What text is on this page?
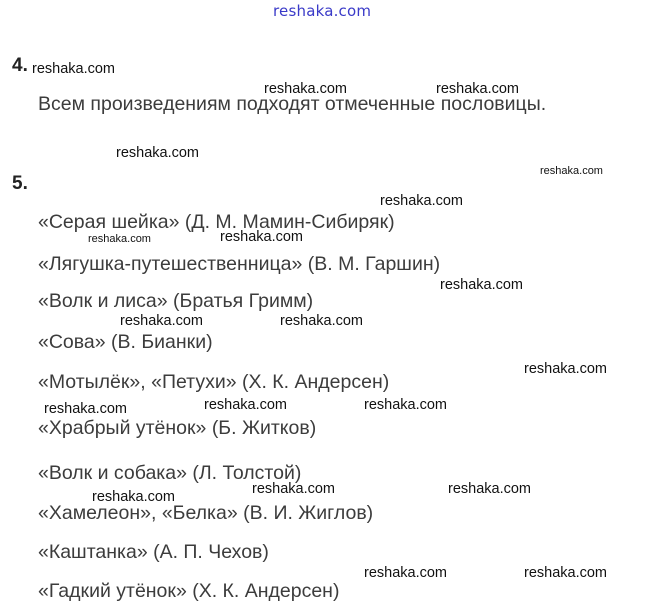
reshaka.com
4.
Всем произведениям подходят отмеченные пословицы.
5.
«Серая шейка» (Д. М. Мамин-Сибиряк)
«Лягушка-путешественница» (В. М. Гаршин)
«Волк и лиса» (Братья Гримм)
«Сова» (В. Бианки)
«Мотылёк», «Петухи» (Х. К. Андерсен)
«Храбрый утёнок» (Б. Житков)
«Волк и собака» (Л. Толстой)
«Хамелеон», «Белка» (В. И. Жиглов)
«Каштанка» (А. П. Чехов)
«Гадкий утёнок» (Х. К. Андерсен)
reshaka.com
reshaka.com	reshaka.com
reshaka.com
reshaka.com
reshaka.com
reshaka.com	reshaka.com
reshaka.com
reshaka.com	reshaka.com
reshaka.com
reshaka.com	reshaka.com	reshaka.com
reshaka.com	reshaka.com	reshaka.com
reshaka.com	reshaka.com
